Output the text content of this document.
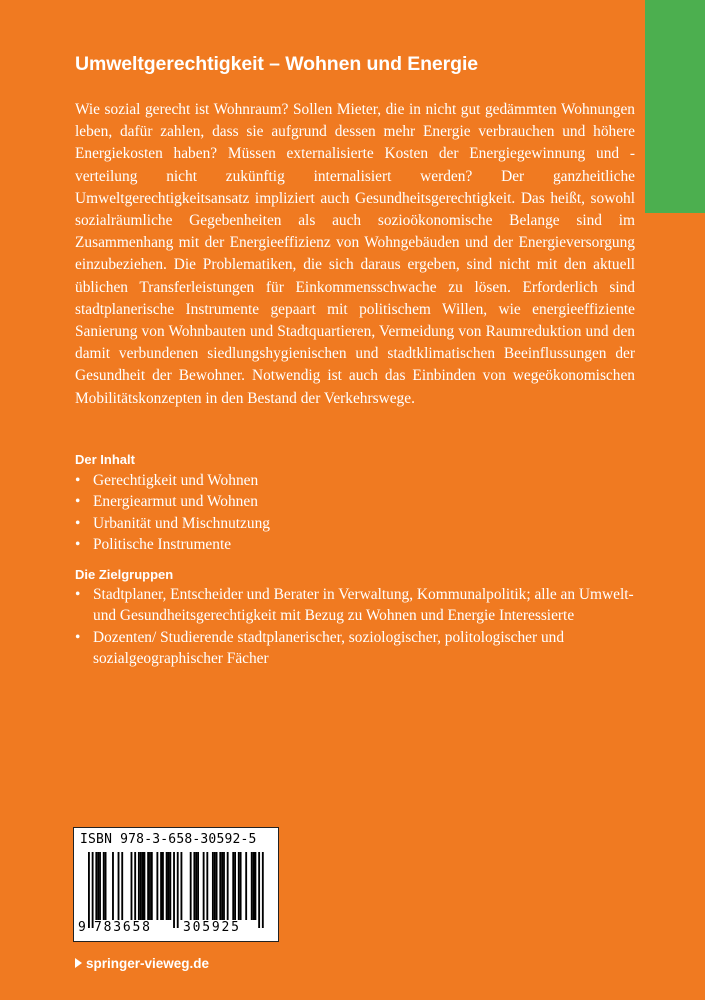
Umweltgerechtigkeit – Wohnen und Energie

Wie sozial gerecht ist Wohnraum? Sollen Mieter, die in nicht gut gedämmten Wohnungen leben, dafür zahlen, dass sie aufgrund dessen mehr Energie verbrauchen und höhere Energiekosten haben? Müssen externalisierte Kosten der Energiegewinnung und -verteilung nicht zukünftig internalisiert werden? Der ganzheitliche Umweltgerechtigkeitsansatz impliziert auch Gesundheitsgerechtigkeit. Das heißt, sowohl sozialräumliche Gegebenheiten als auch sozioökonomische Belange sind im Zusammenhang mit der Energieeffizienz von Wohngebäuden und der Energieversorgung einzubeziehen. Die Problematiken, die sich daraus ergeben, sind nicht mit den aktuell üblichen Transferleistungen für Einkommensschwache zu lösen. Erforderlich sind stadtplanerische Instrumente gepaart mit politischem Willen, wie energieeffiziente Sanierung von Wohnbauten und Stadtquartieren, Vermeidung von Raumreduktion und den damit verbundenen siedlungshygienischen und stadtklimatischen Beeinflussungen der Gesundheit der Bewohner. Notwendig ist auch das Einbinden von wegeökonomischen Mobilitätskonzepten in den Bestand der Verkehrswege.

Der Inhalt
• Gerechtigkeit und Wohnen
• Energiearmut und Wohnen
• Urbanität und Mischnutzung
• Politische Instrumente
Die Zielgruppen
• Stadtplaner, Entscheider und Berater in Verwaltung, Kommunalpolitik; alle an Umwelt- und Gesundheitsgerechtigkeit mit Bezug zu Wohnen und Energie Interessierte
• Dozenten/ Studierende stadtplanerischer, soziologischer, politologischer und sozialgeographischer Fächer
ISBN 978-3-658-30592-5
9 783658 305925
springer-vieweg.de
